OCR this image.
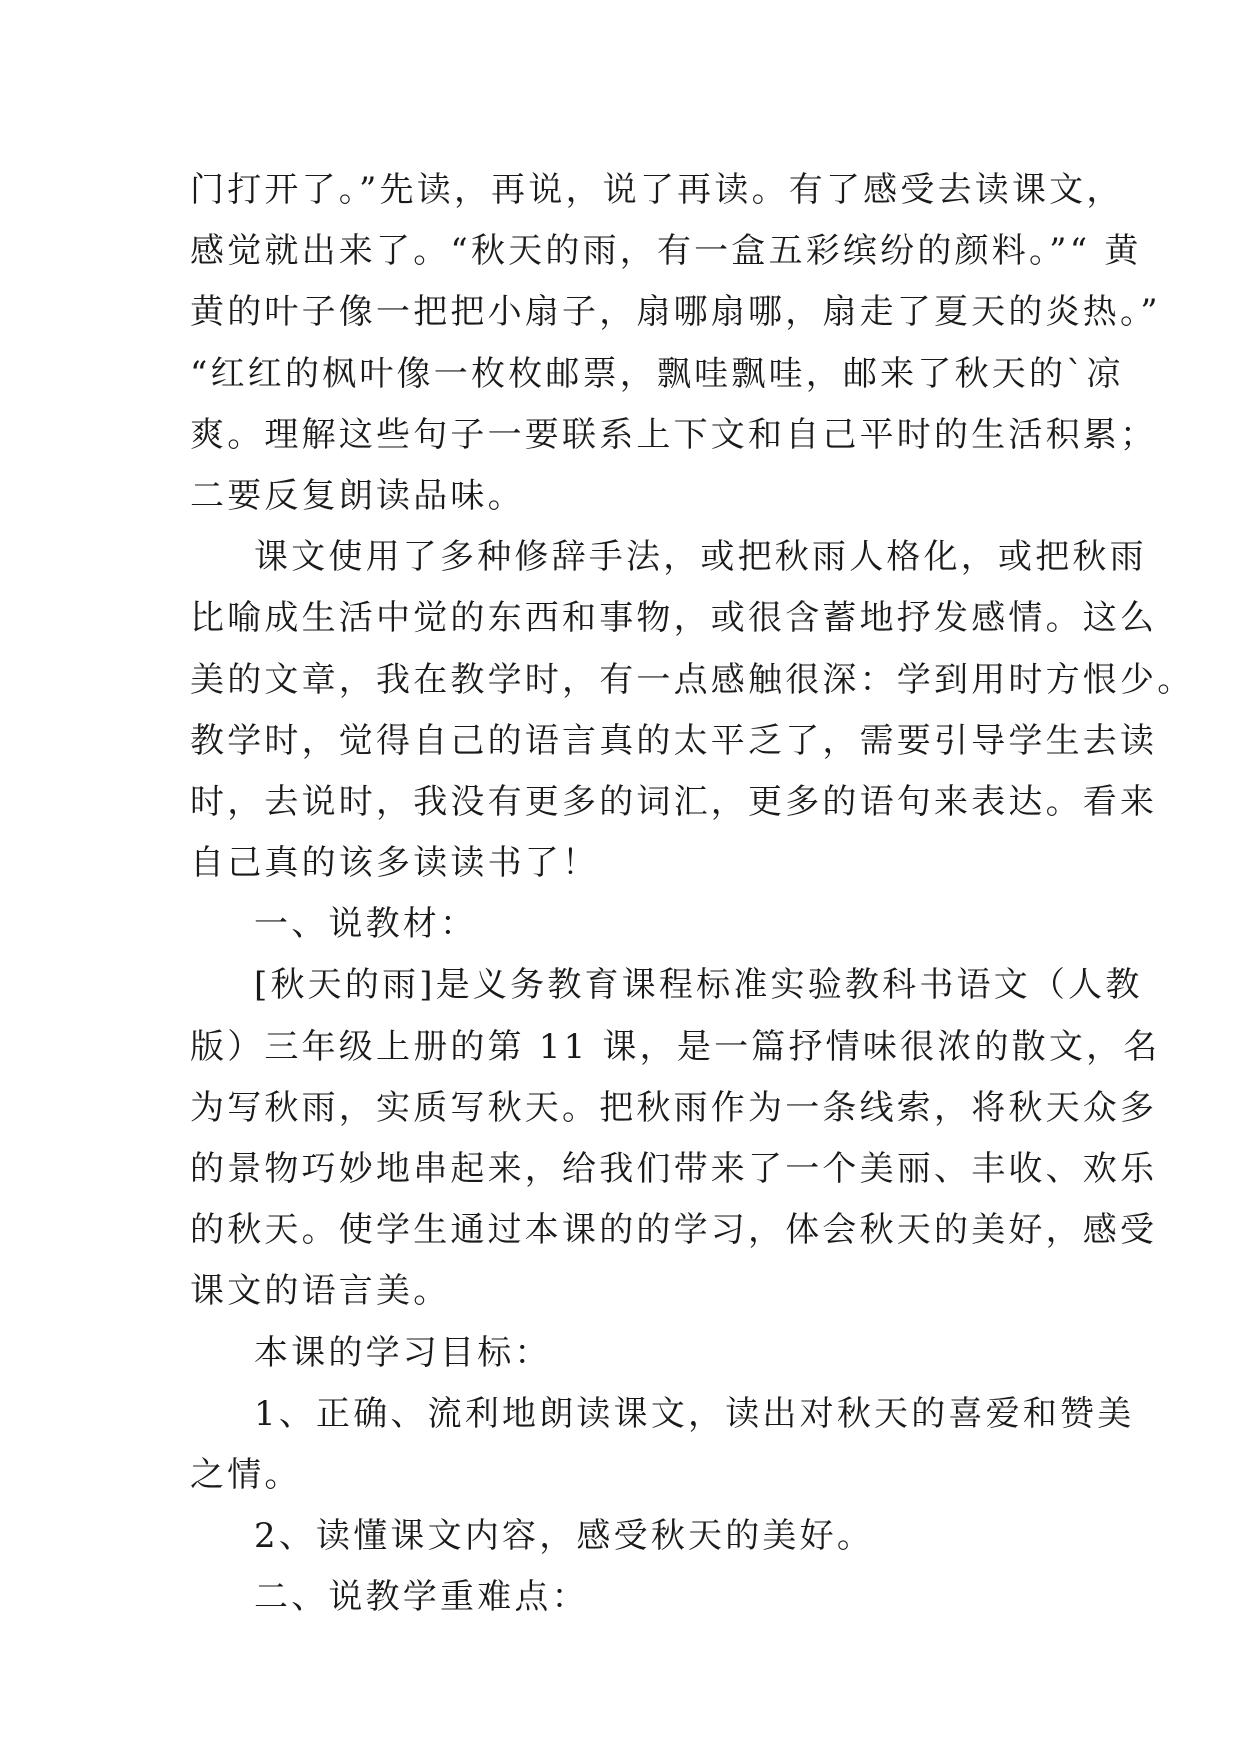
门打开了。”先读，再说，说了再读。有了感受去读课文，
感觉就出来了。“秋天的雨，有一盒五彩缤纷的颜料。”“ 黄
黄的叶子像一把把小扇子，扇哪扇哪，扇走了夏天的炎热。”
“红红的枫叶像一枚枚邮票，飘哇飘哇，邮来了秋天的`凉
爽。理解这些句子一要联系上下文和自己平时的生活积累；
二要反复朗读品味。
课文使用了多种修辞手法，或把秋雨人格化，或把秋雨
比喻成生活中觉的东西和事物，或很含蓄地抒发感情。这么
美的文章，我在教学时，有一点感触很深：学到用时方恨少。
教学时，觉得自己的语言真的太平乏了，需要引导学生去读
时，去说时，我没有更多的词汇，更多的语句来表达。看来
自己真的该多读读书了！
一、说教材：
[秋天的雨]是义务教育课程标准实验教科书语文（人教
版）三年级上册的第 11 课，是一篇抒情味很浓的散文，名
为写秋雨，实质写秋天。把秋雨作为一条线索，将秋天众多
的景物巧妙地串起来，给我们带来了一个美丽、丰收、欢乐
的秋天。使学生通过本课的的学习，体会秋天的美好，感受
课文的语言美。
本课的学习目标：
1、正确、流利地朗读课文，读出对秋天的喜爱和赞美
之情。
2、读懂课文内容，感受秋天的美好。
二、说教学重难点：
